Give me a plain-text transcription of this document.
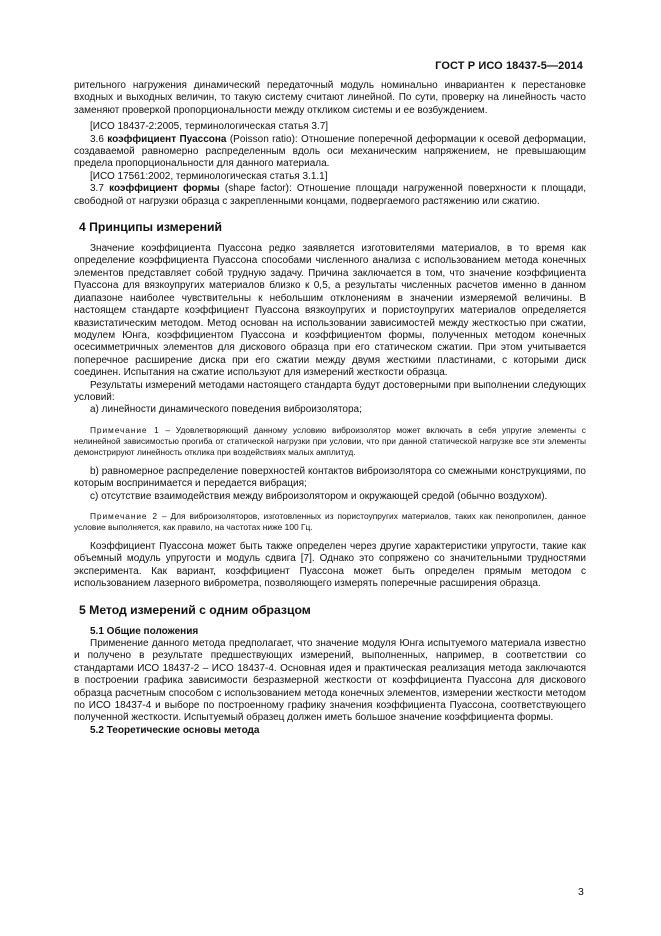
ГОСТ Р ИСО 18437-5—2014

рительного нагружения динамический передаточный модуль номинально инвариантен к перестановке входных и выходных величин, то такую систему считают линейной. По сути, проверку на линейность часто заменяют проверкой пропорциональности между откликом системы и ее возбуждением.

[ИСО 18437-2:2005, терминологическая статья 3.7]

3.6 коэффициент Пуассона (Poisson ratio): Отношение поперечной деформации к осевой деформации, создаваемой равномерно распределенным вдоль оси механическим напряжением, не превышающим предела пропорциональности для данного материала.

[ИСО 17561:2002, терминологическая статья 3.1.1]

3.7 коэффициент формы (shape factor): Отношение площади нагруженной поверхности к площади, свободной от нагрузки образца с закрепленными концами, подвергаемого растяжению или сжатию.

4 Принципы измерений

Значение коэффициента Пуассона редко заявляется изготовителями материалов, в то время как определение коэффициента Пуассона способами численного анализа с использованием метода конечных элементов представляет собой трудную задачу. Причина заключается в том, что значение коэффициента Пуассона для вязкоупругих материалов близко к 0,5, а результаты численных расчетов именно в данном диапазоне наиболее чувствительны к небольшим отклонениям в значении измеряемой величины. В настоящем стандарте коэффициент Пуассона вязкоупругих и пористоупругих материалов определяется квазистатическим методом. Метод основан на использовании зависимостей между жесткостью при сжатии, модулем Юнга, коэффициентом Пуассона и коэффициентом формы, полученных методом конечных осесимметричных элементов для дискового образца при его статическом сжатии. При этом учитывается поперечное расширение диска при его сжатии между двумя жесткими пластинами, с которыми диск соединен. Испытания на сжатие используют для измерений жесткости образца.

Результаты измерений методами настоящего стандарта будут достоверными при выполнении следующих условий:

a) линейности динамического поведения виброизолятора;

Примечание 1 – Удовлетворяющий данному условию виброизолятор может включать в себя упругие элементы с нелинейной зависимостью прогиба от статической нагрузки при условии, что при данной статической нагрузке все эти элементы демонстрируют линейность отклика при воздействиях малых амплитуд.

b) равномерное распределение поверхностей контактов виброизолятора со смежными конструкциями, по которым воспринимается и передается вибрация;

c) отсутствие взаимодействия между виброизолятором и окружающей средой (обычно воздухом).

Примечание 2 – Для виброизоляторов, изготовленных из пористоупругих материалов, таких как пенопропилен, данное условие выполняется, как правило, на частотах ниже 100 Гц.

Коэффициент Пуассона может быть также определен через другие характеристики упругости, такие как объемный модуль упругости и модуль сдвига [7]. Однако это сопряжено со значительными трудностями эксперимента. Как вариант, коэффициент Пуассона может быть определен прямым методом с использованием лазерного виброметра, позволяющего измерять поперечные расширения образца.

5 Метод измерений с одним образцом

5.1 Общие положения

Применение данного метода предполагает, что значение модуля Юнга испытуемого материала известно и получено в результате предшествующих измерений, выполненных, например, в соответствии со стандартами ИСО 18437-2 – ИСО 18437-4. Основная идея и практическая реализация метода заключаются в построении графика зависимости безразмерной жесткости от коэффициента Пуассона для дискового образца расчетным способом с использованием метода конечных элементов, измерении жесткости методом по ИСО 18437-4 и выборе по построенному графику значения коэффициента Пуассона, соответствующего полученной жесткости. Испытуемый образец должен иметь большое значение коэффициента формы.

5.2 Теоретические основы метода

3
